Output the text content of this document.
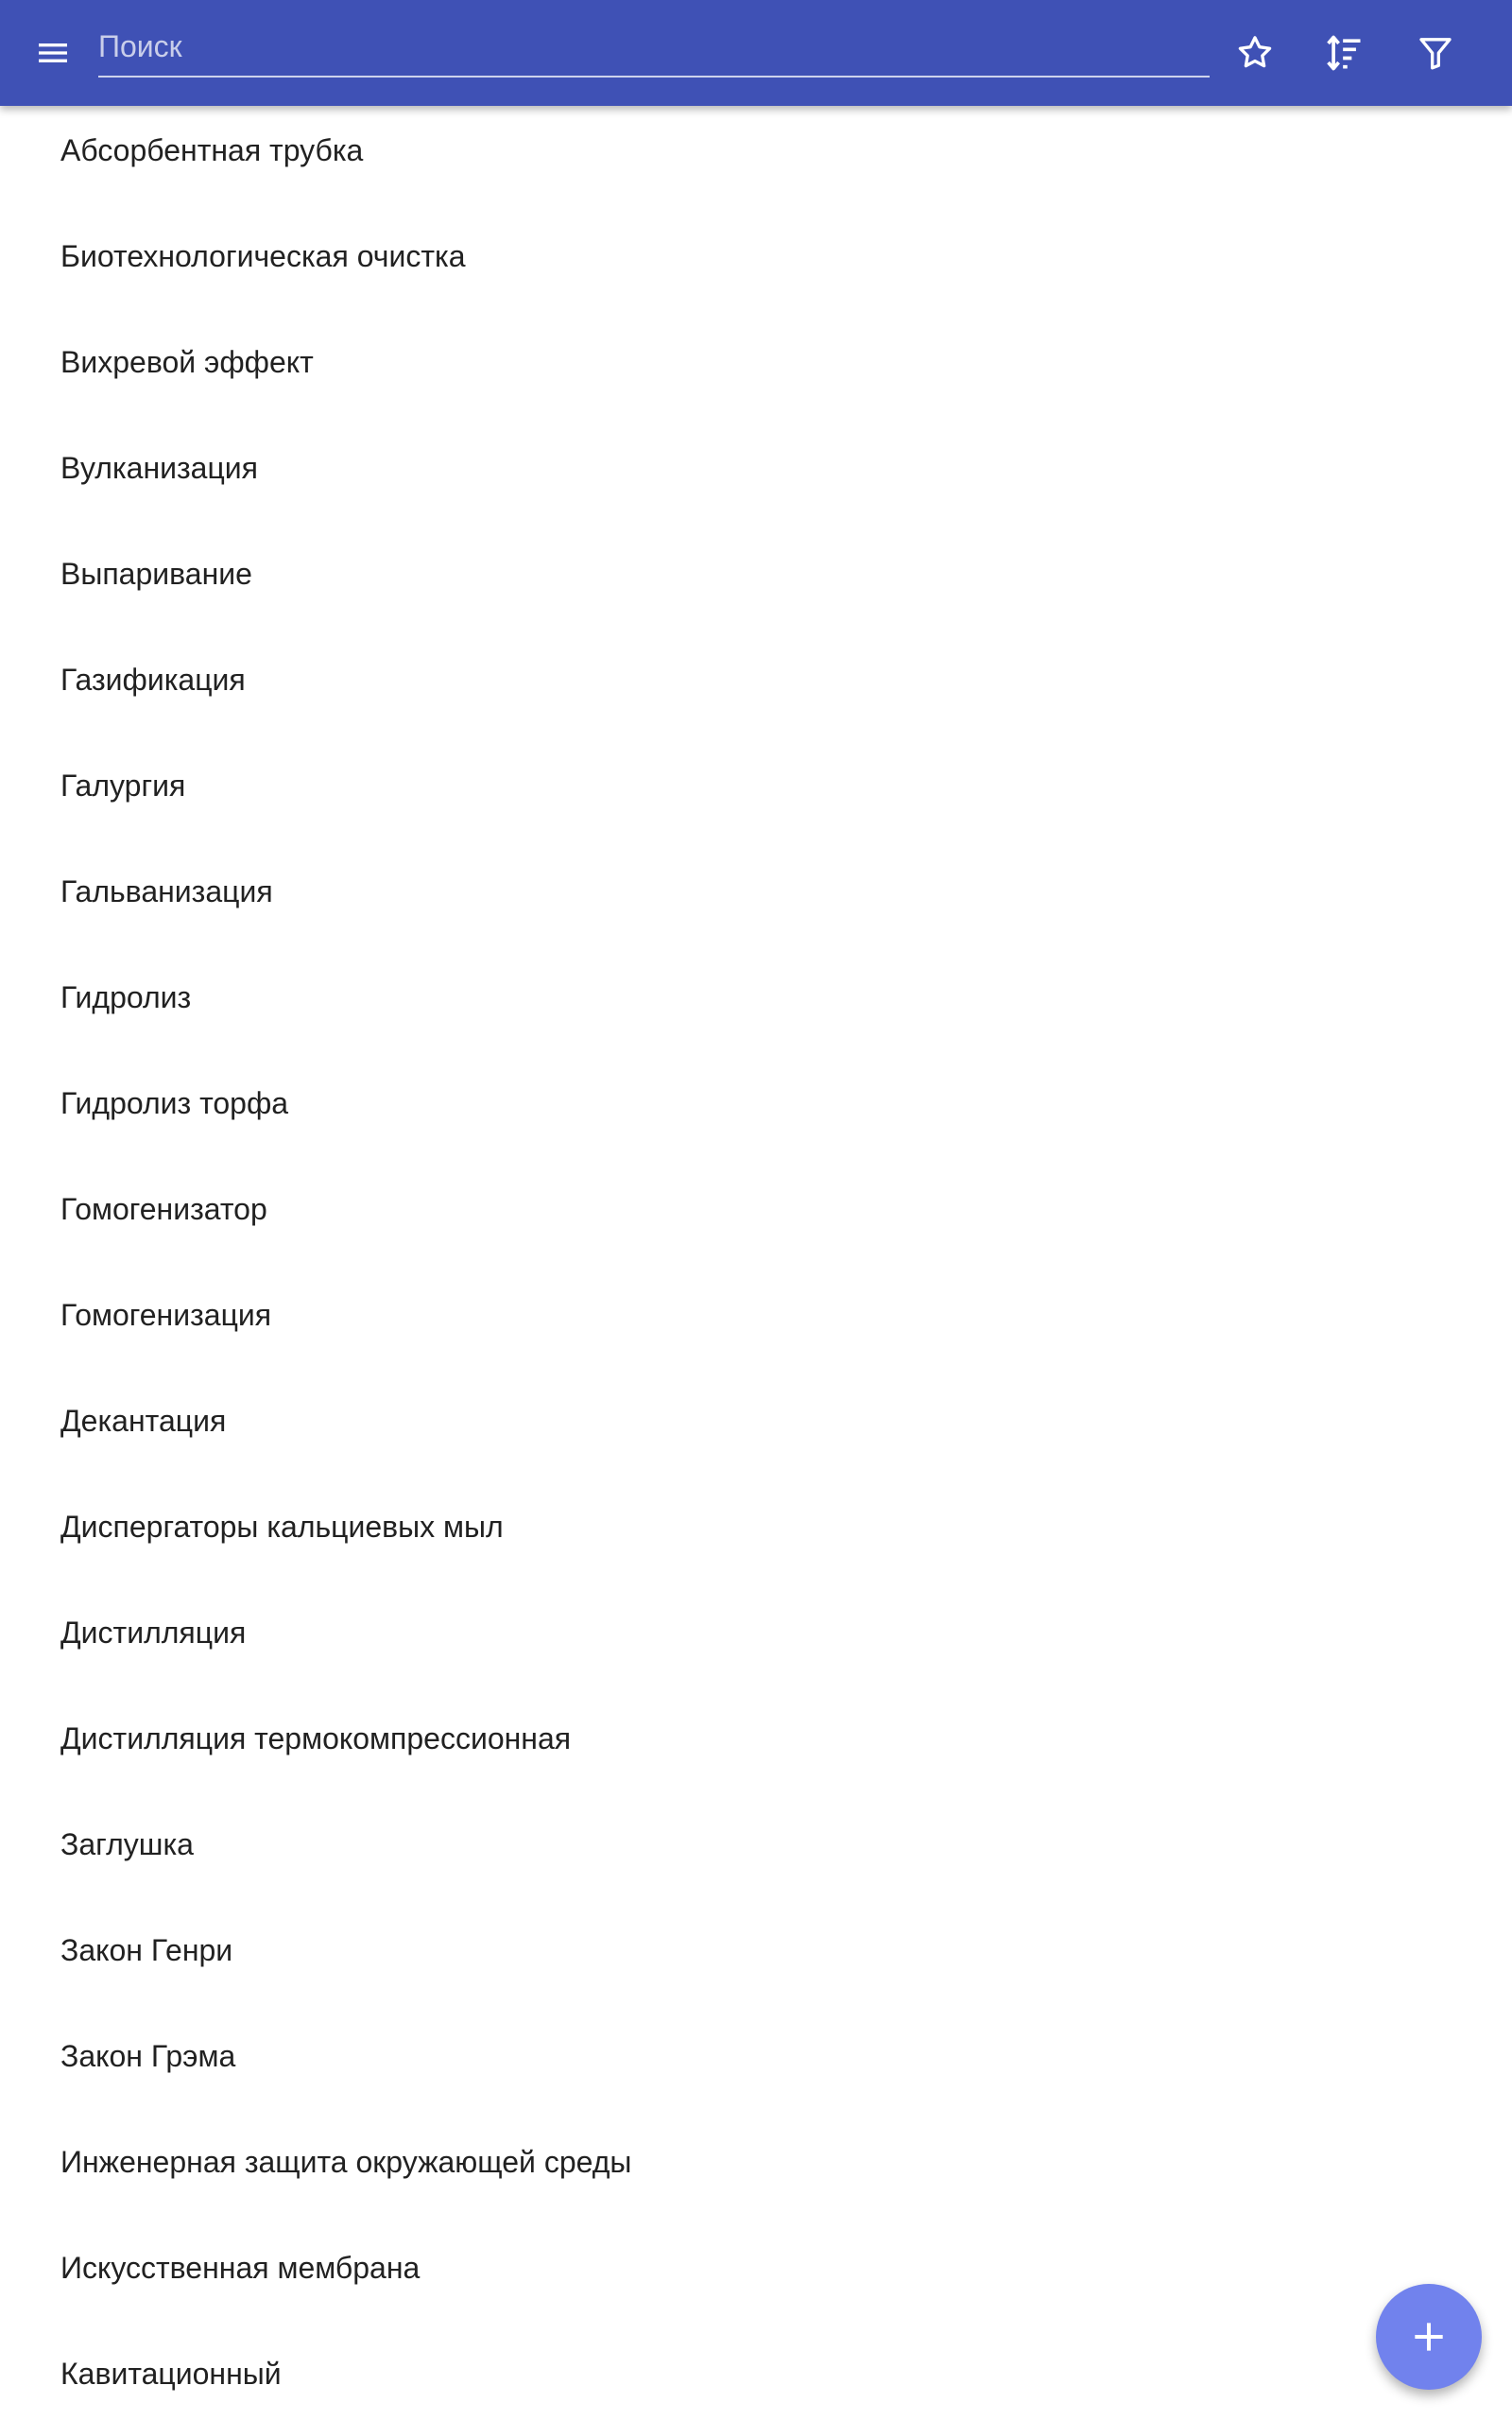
Поиск
Абсорбентная трубка
Биотехнологическая очистка
Вихревой эффект
Вулканизация
Выпаривание
Газификация
Галургия
Гальванизация
Гидролиз
Гидролиз торфа
Гомогенизатор
Гомогенизация
Декантация
Диспергаторы кальциевых мыл
Дистилляция
Дистилляция термокомпрессионная
Заглушка
Закон Генри
Закон Грэма
Инженерная защита окружающей среды
Искусственная мембрана
Кавитационный
